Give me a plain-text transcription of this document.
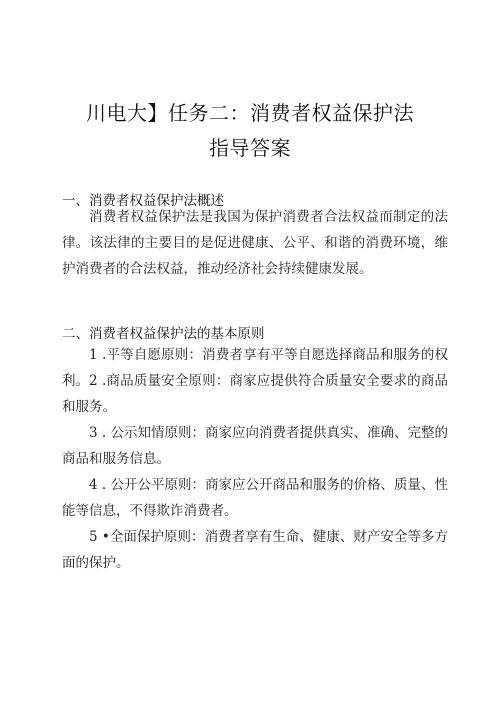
川电大】任务二：消费者权益保护法
指导答案
一、消费者权益保护法概述

消费者权益保护法是我国为保护消费者合法权益而制定的法律。该法律的主要目的是促进健康、公平、和谐的消费环境，维护消费者的合法权益，推动经济社会持续健康发展。

二、消费者权益保护法的基本原则

1 .平等自愿原则：消费者享有平等自愿选择商品和服务的权利。 2 .商品质量安全原则：商家应提供符合质量安全要求的商品和服务。

3 . 公示知情原则：商家应向消费者提供真实、准确、完整的商品和服务信息。

4 . 公开公平原则：商家应公开商品和服务的价格、质量、性能等信息，不得欺诈消费者。

5 •全面保护原则：消费者享有生命、健康、财产安全等多方面的保护。
